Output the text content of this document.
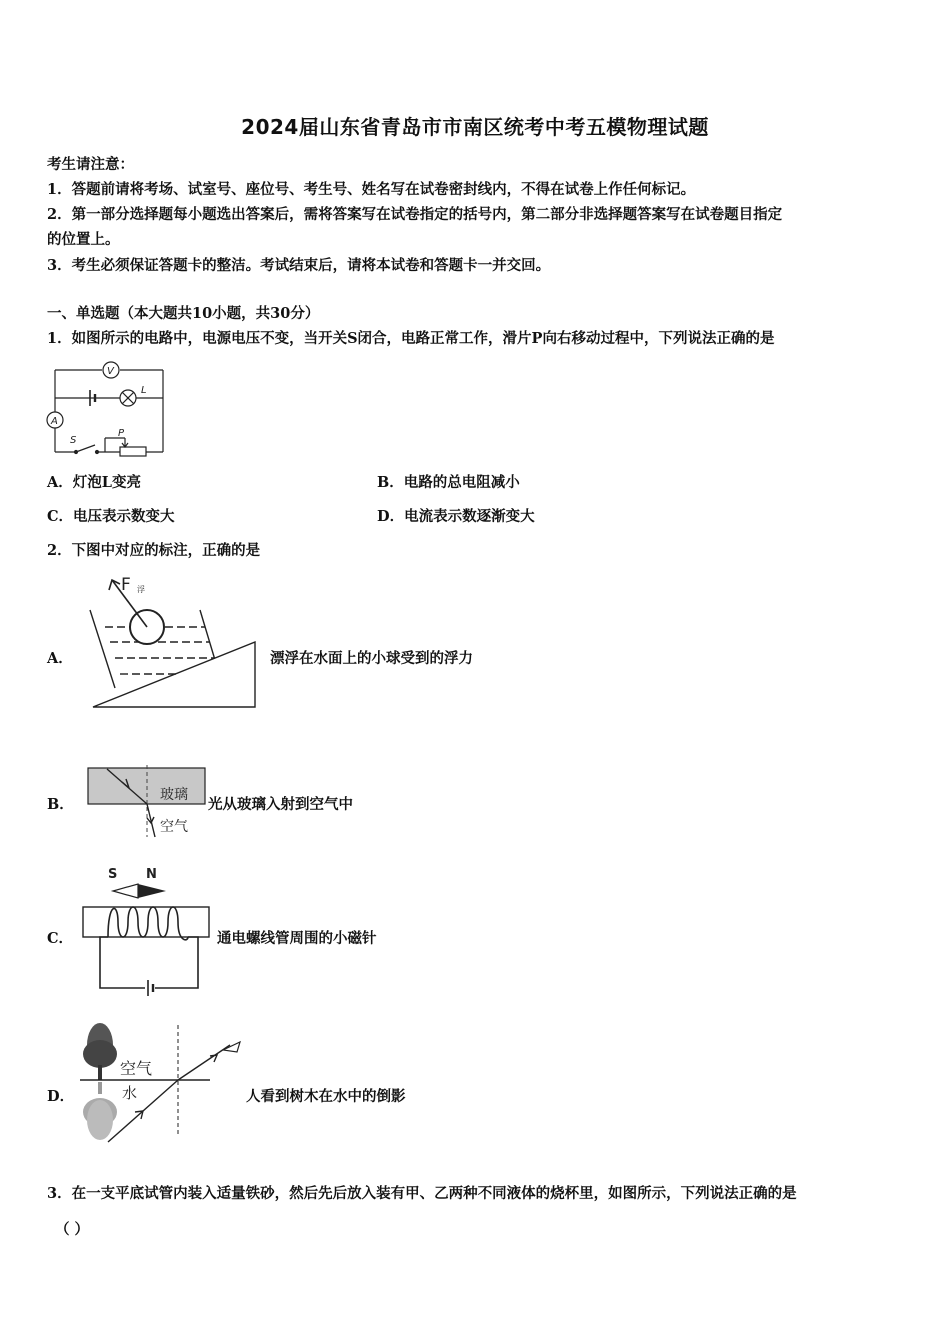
2024届山东省青岛市市南区统考中考五模物理试题
考生请注意：
1．答题前请将考场、试室号、座位号、考生号、姓名写在试卷密封线内，不得在试卷上作任何标记。
2．第一部分选择题每小题选出答案后，需将答案写在试卷指定的括号内，第二部分非选择题答案写在试卷题目指定
的位置上。
3．考生必须保证答题卡的整洁。考试结束后，请将本试卷和答题卡一并交回。
一、单选题（本大题共10小题，共30分）
1．如图所示的电路中，电源电压不变，当开关S闭合，电路正常工作，滑片P向右移动过程中，下列说法正确的是
V
A
L
S
P
A．灯泡L变亮	B．电路的总电阻减小
C．电压表示数变大	D．电流表示数逐渐变大
2．下图中对应的标注，正确的是
A．
F 浮
漂浮在水面上的小球受到的浮力
B．
玻璃
空气
光从玻璃入射到空气中
C．
S N
通电螺线管周围的小磁针
D．
空气
水	人看到树木在水中的倒影
3．在一支平底试管内装入适量铁砂，然后先后放入装有甲、乙两种不同液体的烧杯里，如图所示，下列说法正确的是
（ ）
